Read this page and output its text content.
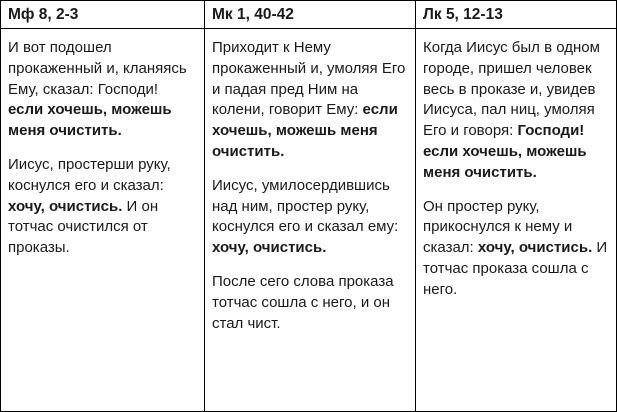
Мф 8, 2-3

И вот подошел прокаженный и, кланяясь Ему, сказал: Господи! если хочешь, можешь меня очистить.

Иисус, простерши руку, коснулся его и сказал: хочу, очистись. И он тотчас очистился от проказы.

Мк 1, 40-42

Приходит к Нему прокаженный и, умоляя Его и падая пред Ним на колени, говорит Ему: если хочешь, можешь меня очистить.

Иисус, умилосердившись над ним, простер руку, коснулся его и сказал ему: хочу, очистись.

После сего слова проказа тотчас сошла с него, и он стал чист.

Лк 5, 12-13

Когда Иисус был в одном городе, пришел человек весь в проказе и, увидев Иисуса, пал ниц, умоляя Его и говоря: Господи! если хочешь, можешь меня очистить.

Он простер руку, прикоснулся к нему и сказал: хочу, очистись. И тотчас проказа сошла с него.
